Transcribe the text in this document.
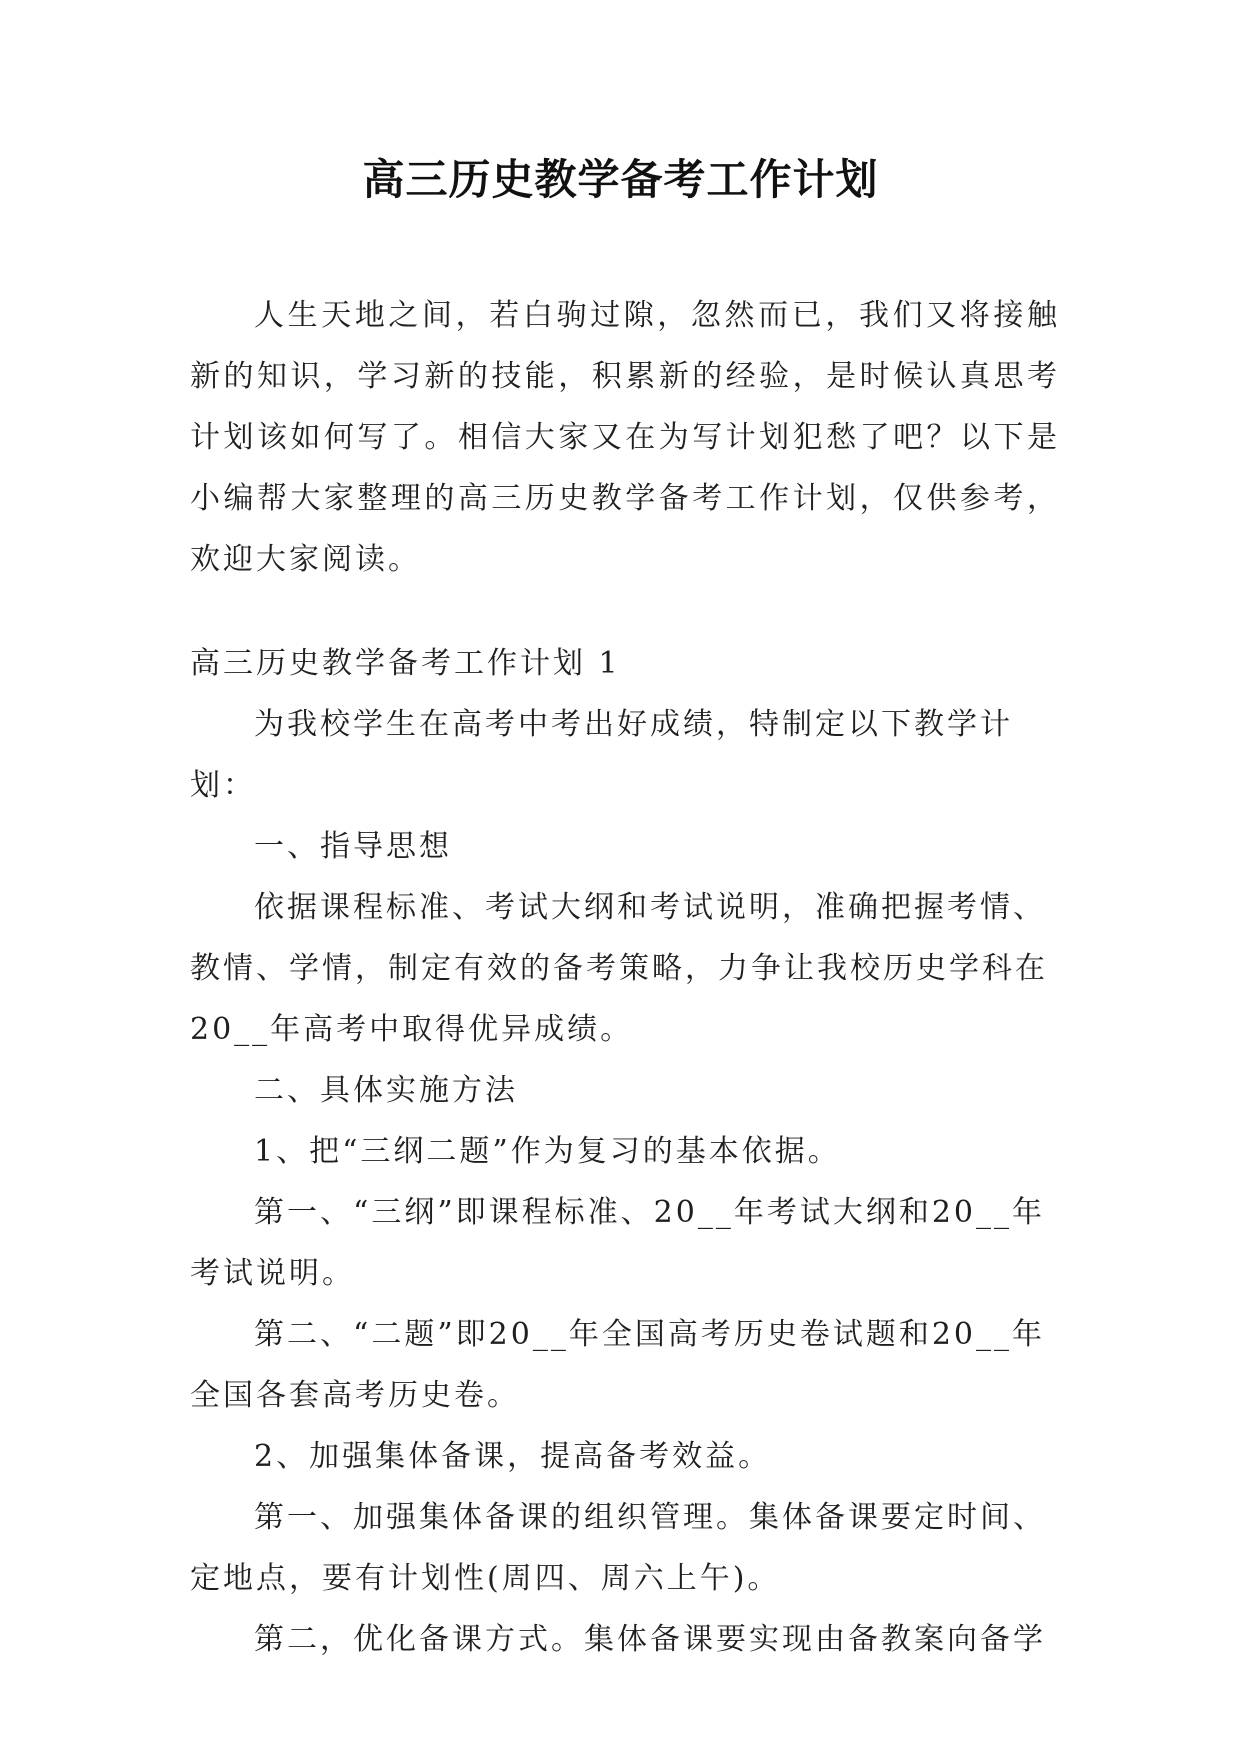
高三历史教学备考工作计划

人生天地之间，若白驹过隙，忽然而已，我们又将接触新的知识，学习新的技能，积累新的经验，是时候认真思考计划该如何写了。相信大家又在为写计划犯愁了吧？以下是小编帮大家整理的高三历史教学备考工作计划，仅供参考，欢迎大家阅读。

高三历史教学备考工作计划 1

为我校学生在高考中考出好成绩，特制定以下教学计划：

一、指导思想

依据课程标准、考试大纲和考试说明，准确把握考情、教情、学情，制定有效的备考策略，力争让我校历史学科在20__年高考中取得优异成绩。

二、具体实施方法

1、把“三纲二题”作为复习的基本依据。

第一、“三纲”即课程标准、20__年考试大纲和20__年考试说明。

第二、“二题”即20__年全国高考历史卷试题和20__年全国各套高考历史卷。

2、加强集体备课，提高备考效益。

第一、加强集体备课的组织管理。集体备课要定时间、定地点，要有计划性(周四、周六上午)。

第二，优化备课方式。集体备课要实现由备教案向备学
